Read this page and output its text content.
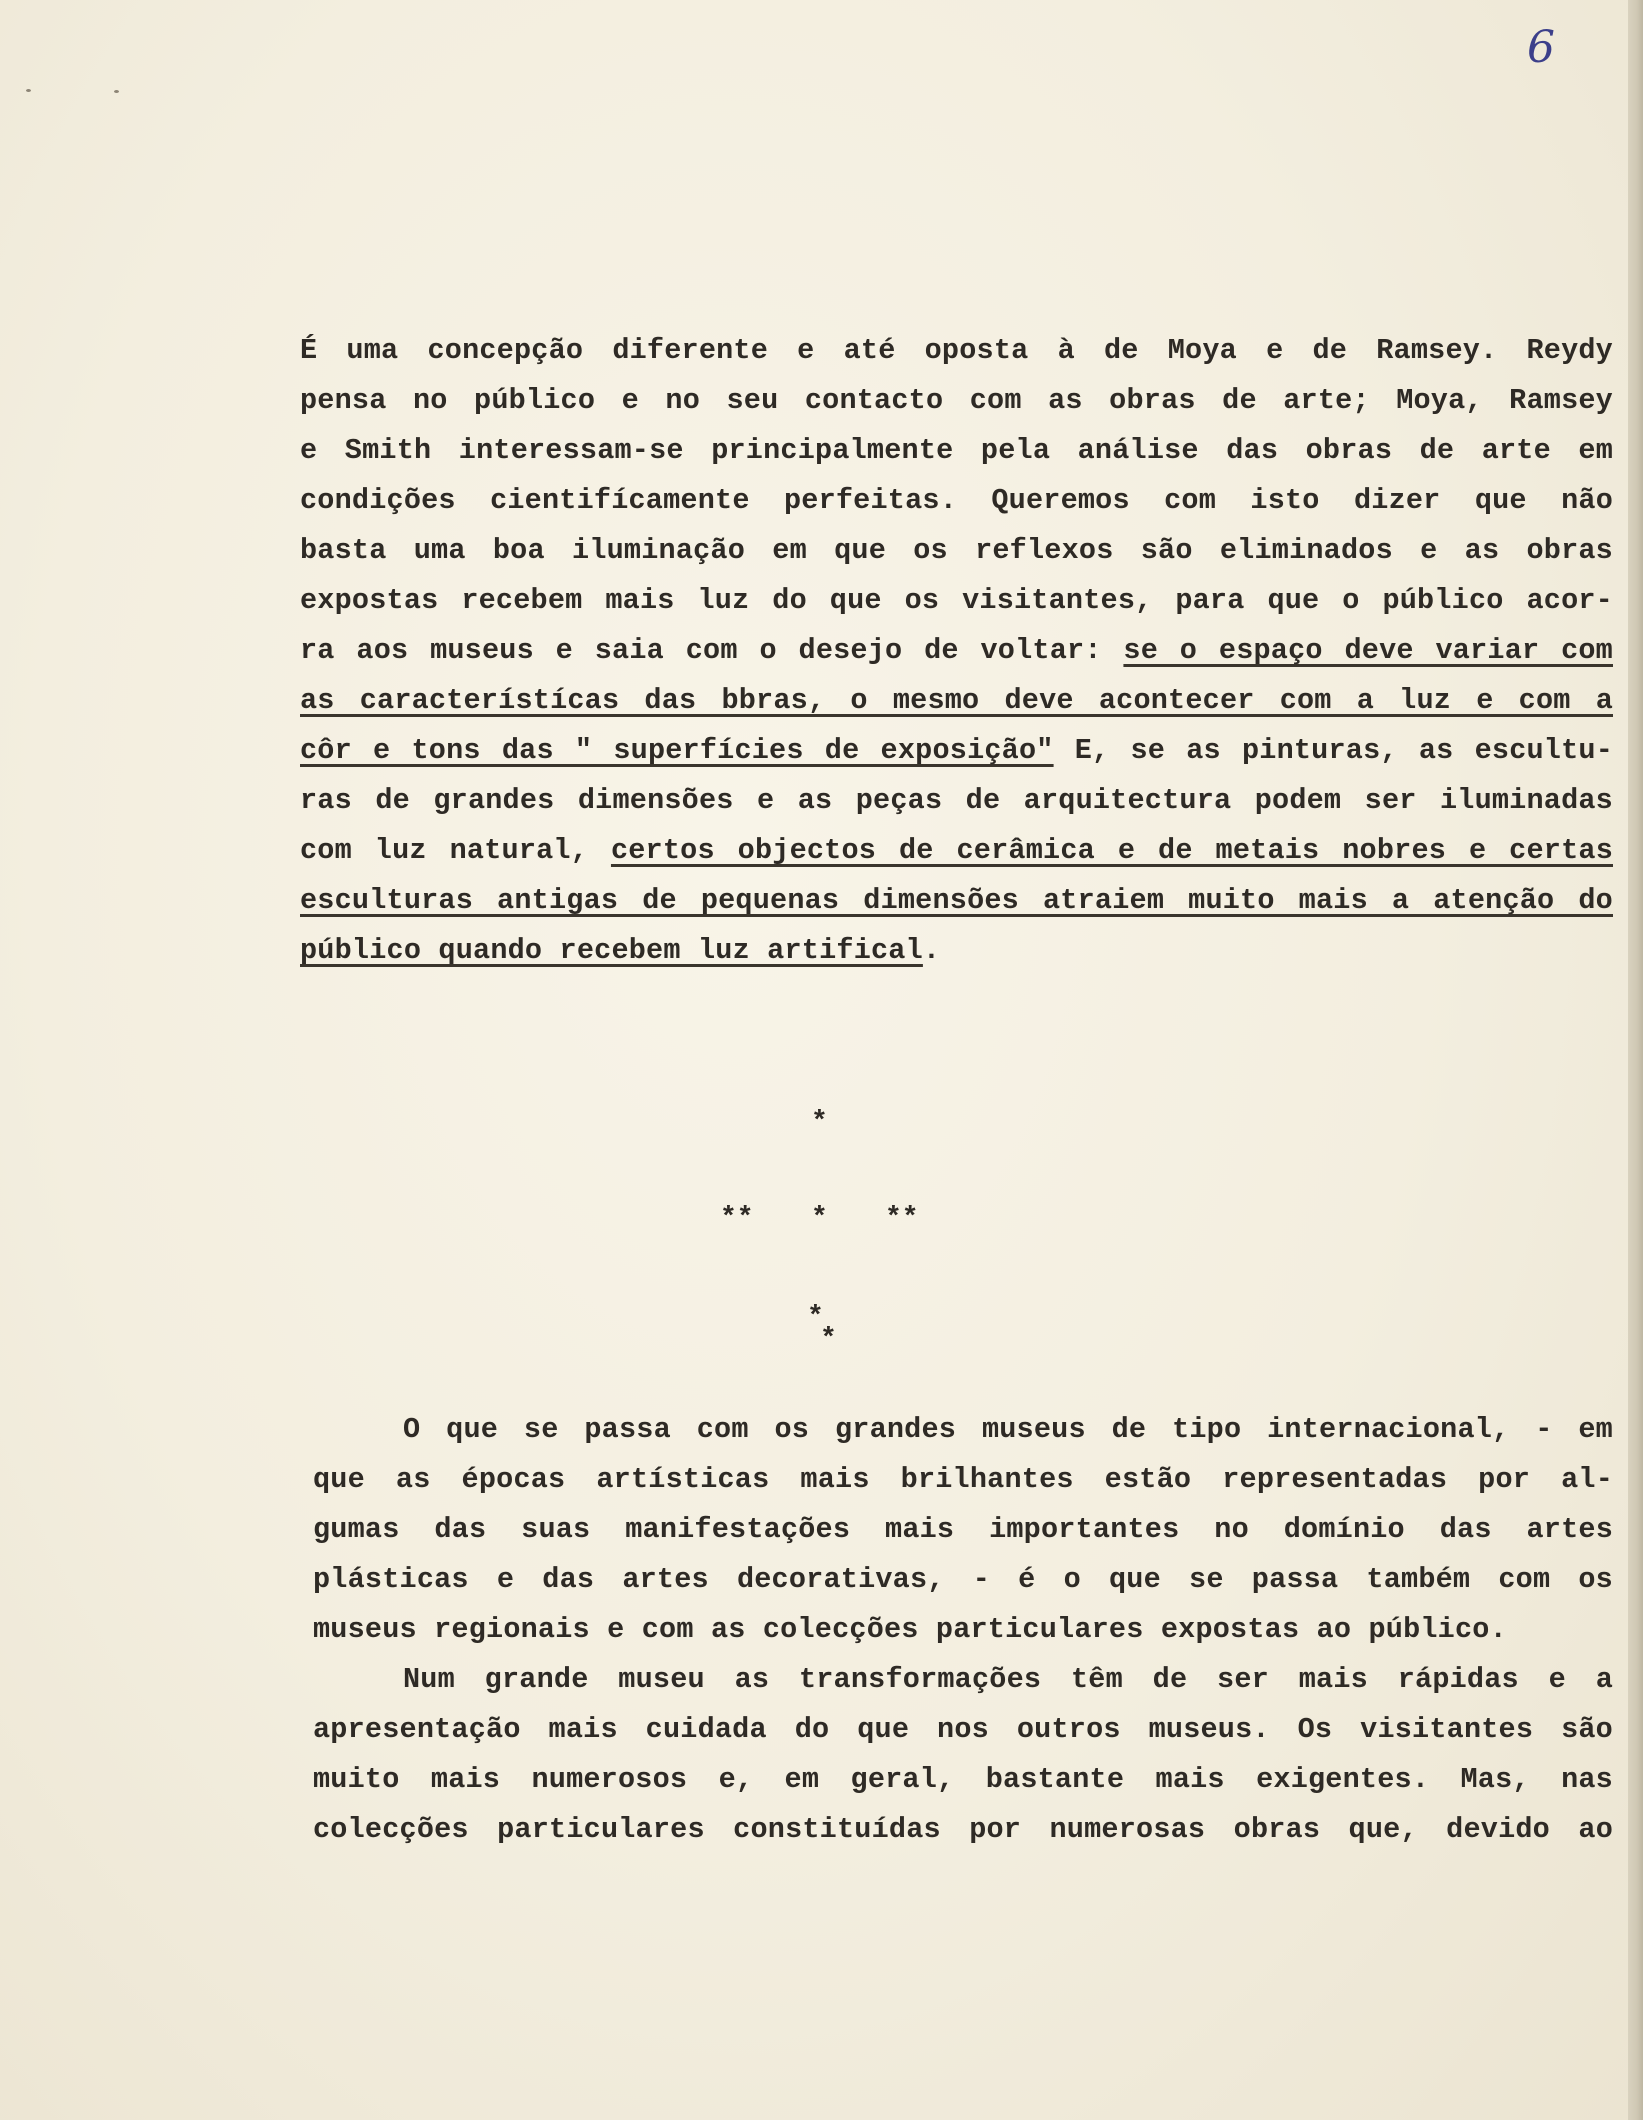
6
É uma concepção diferente e até oposta à de Moya e de Ramsey. Reydy
pensa no público e no seu contacto com as obras de arte; Moya, Ramsey
e Smith interessam-se principalmente pela análise das obras de arte em
condições cientifícamente perfeitas. Queremos com isto dizer que não
basta uma boa iluminação em que os reflexos são eliminados e as obras
expostas recebem mais luz do que os visitantes, para que o público acor-
ra aos museus e saia com o desejo de voltar: se o espaço deve variar com
as característícas das bbras, o mesmo deve acontecer com a luz e com a
côr e tons das " superfícies de exposição" E, se as pinturas, as escultu-
ras de grandes dimensões e as peças de arquitectura podem ser iluminadas
com luz natural, certos objectos de cerâmica e de metais nobres e certas
esculturas antigas de pequenas dimensões atraiem muito mais a atenção do
público quando recebem luz artifical.
*
** * **
*
*
O que se passa com os grandes museus de tipo internacional, - em
que as épocas artísticas mais brilhantes estão representadas por al-
gumas das suas manifestações mais importantes no domínio das artes
plásticas e das artes decorativas, - é o que se passa também com os
museus regionais e com as colecções particulares expostas ao público.
Num grande museu as transformações têm de ser mais rápidas e a
apresentação mais cuidada do que nos outros museus. Os visitantes são
muito mais numerosos e, em geral, bastante mais exigentes. Mas, nas
colecções particulares constituídas por numerosas obras que, devido ao
